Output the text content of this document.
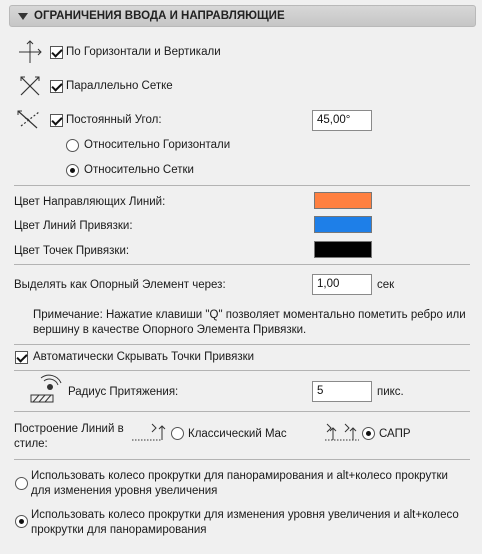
ОГРАНИЧЕНИЯ ВВОДА И НАПРАВЛЯЮЩИЕ
По Горизонтали и Вертикали
Параллельно Сетке
Постоянный Угол:	45,00°
Относительно Горизонтали
Относительно Сетки
Цвет Направляющих Линий:
Цвет Линий Привязки:
Цвет Точек Привязки:
Выделять как Опорный Элемент через:	1,00	сек
Примечание: Нажатие клавиши "Q" позволяет моментально пометить ребро или
вершину в качестве Опорного Элемента Привязки.
Автоматически Скрывать Точки Привязки
Радиус Притяжения:	5	пикс.
Построение Линий в
стиле:
Классический Mac	САПР
Использовать колесо прокрутки для панорамирования и alt+колесо прокрутки
для изменения уровня увеличения
Использовать колесо прокрутки для изменения уровня увеличения и alt+колесо
прокрутки для панорамирования
